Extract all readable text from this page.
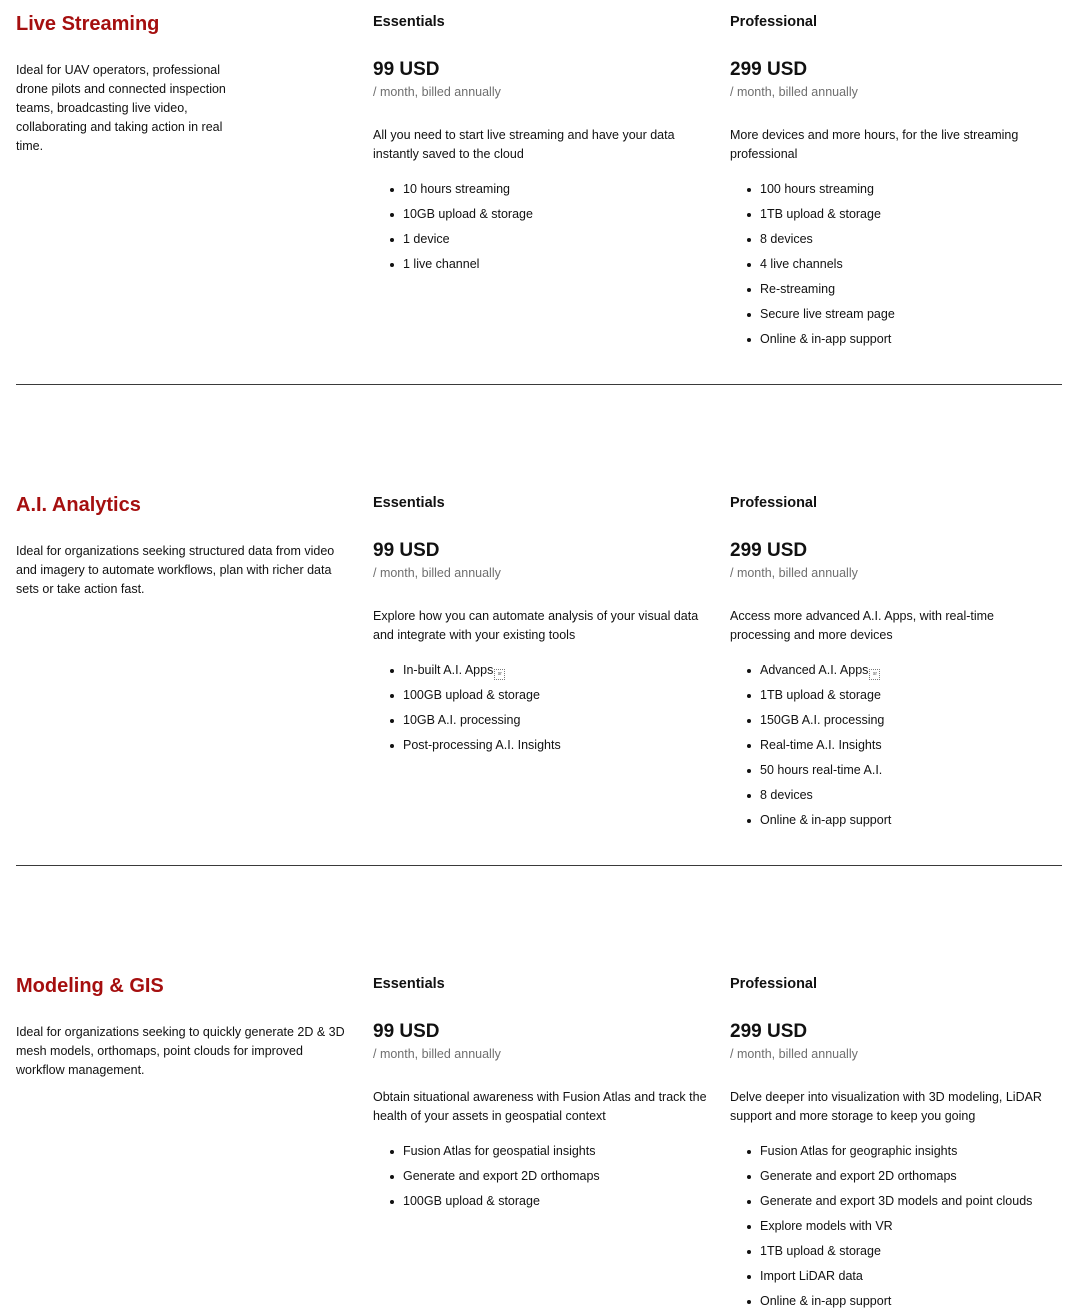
Live Streaming

Ideal for UAV operators, professional drone pilots and connected inspection teams, broadcasting live video, collaborating and taking action in real time.

Essentials
99 USD
/ month, billed annually

All you need to start live streaming and have your data instantly saved to the cloud

10 hours streaming
10GB upload & storage
1 device
1 live channel
Professional
299 USD
/ month, billed annually

More devices and more hours, for the live streaming professional

100 hours streaming
1TB upload & storage
8 devices
4 live channels
Re-streaming
Secure live stream page
Online & in-app support
A.I. Analytics

Ideal for organizations seeking structured data from video and imagery to automate workflows, plan with richer data sets or take action fast.

Essentials
99 USD
/ month, billed annually

Explore how you can automate analysis of your visual data and integrate with your existing tools

In-built A.I. Apps sr
100GB upload & storage
10GB A.I. processing
Post-processing A.I. Insights
Professional
299 USD
/ month, billed annually

Access more advanced A.I. Apps, with real-time processing and more devices

Advanced A.I. Apps sr
1TB upload & storage
150GB A.I. processing
Real-time A.I. Insights
50 hours real-time A.I.
8 devices
Online & in-app support
Modeling & GIS

Ideal for organizations seeking to quickly generate 2D & 3D mesh models, orthomaps, point clouds for improved workflow management.

Essentials
99 USD
/ month, billed annually

Obtain situational awareness with Fusion Atlas and track the health of your assets in geospatial context

Fusion Atlas for geospatial insights
Generate and export 2D orthomaps
100GB upload & storage
Professional
299 USD
/ month, billed annually

Delve deeper into visualization with 3D modeling, LiDAR support and more storage to keep you going

Fusion Atlas for geographic insights
Generate and export 2D orthomaps
Generate and export 3D models and point clouds
Explore models with VR
1TB upload & storage
Import LiDAR data
Online & in-app support
